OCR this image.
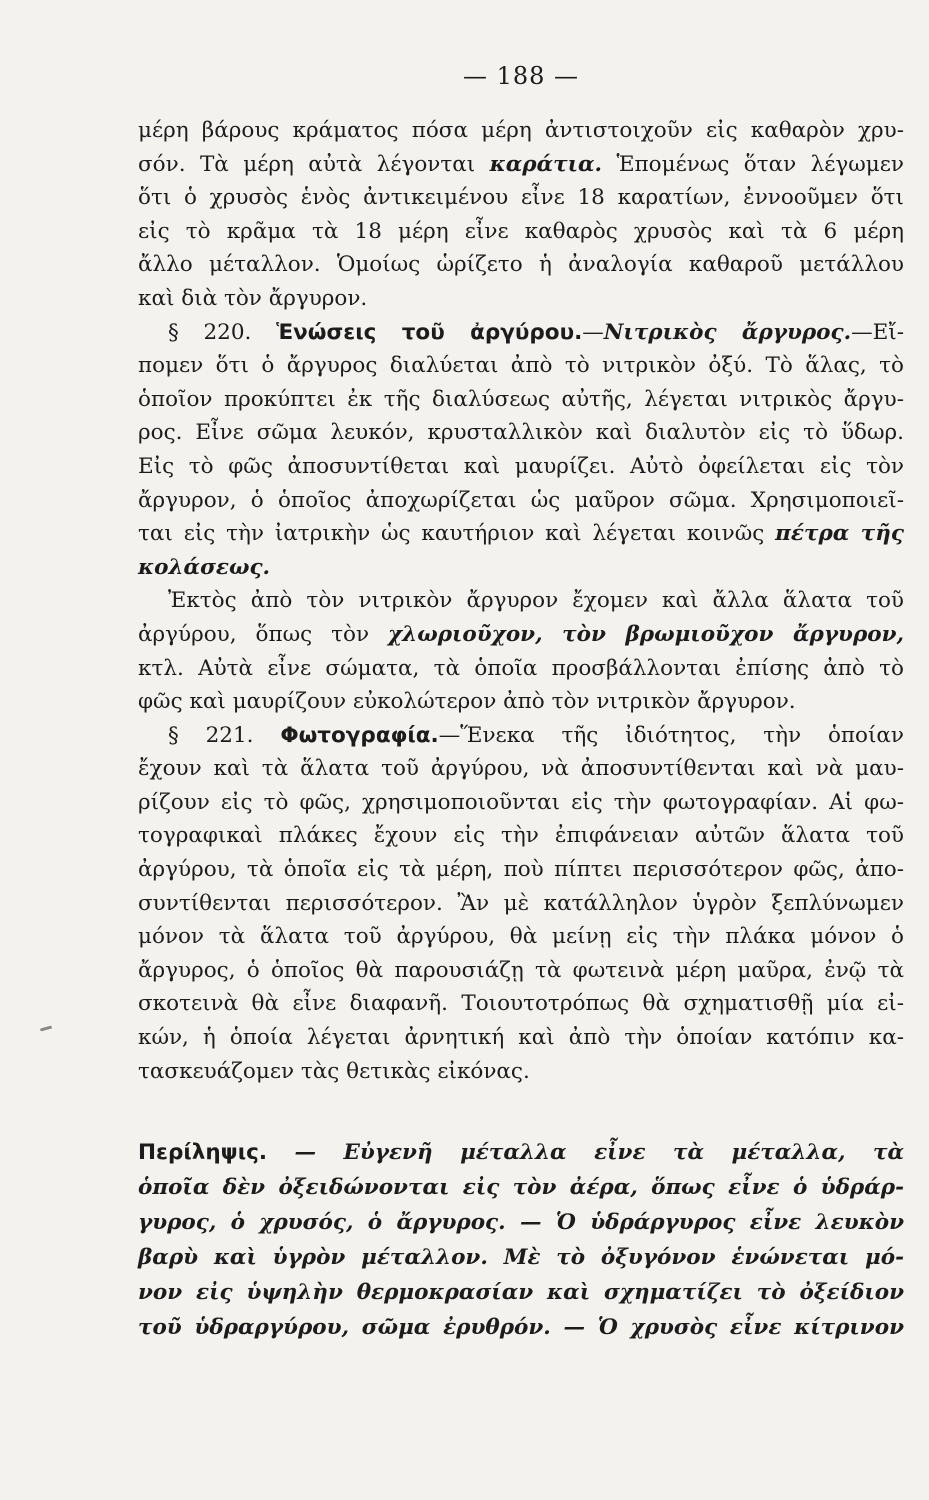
— 188 —
μέρη βάρους κράματος πόσα μέρη ἀντιστοιχοῦν εἰς καθαρὸν χρυ-
σόν. Τὰ μέρη αὐτὰ λέγονται καράτια. Ἑπομένως ὅταν λέγωμεν
ὅτι ὁ χρυσὸς ἑνὸς ἀντικειμένου εἶνε 18 καρατίων, ἐννοοῦμεν ὅτι
εἰς τὸ κρᾶμα τὰ 18 μέρη εἶνε καθαρὸς χρυσὸς καὶ τὰ 6 μέρη
ἄλλο μέταλλον. Ὁμοίως ὡρίζετο ἡ ἀναλογία καθαροῦ μετάλλου
καὶ διὰ τὸν ἄργυρον.
§ 220. Ἑνώσεις τοῦ ἀργύρου.—Νιτρικὸς ἄργυρος.—Εἴ-
πομεν ὅτι ὁ ἄργυρος διαλύεται ἀπὸ τὸ νιτρικὸν ὀξύ. Τὸ ἅλας, τὸ
ὁποῖον προκύπτει ἐκ τῆς διαλύσεως αὐτῆς, λέγεται νιτρικὸς ἄργυ-
ρος. Εἶνε σῶμα λευκόν, κρυσταλλικὸν καὶ διαλυτὸν εἰς τὸ ὕδωρ.
Εἰς τὸ φῶς ἀποσυντίθεται καὶ μαυρίζει. Αὐτὸ ὀφείλεται εἰς τὸν
ἄργυρον, ὁ ὁποῖος ἀποχωρίζεται ὡς μαῦρον σῶμα. Χρησιμοποιεῖ-
ται εἰς τὴν ἰατρικὴν ὡς καυτήριον καὶ λέγεται κοινῶς πέτρα τῆς
κολάσεως.
Ἐκτὸς ἀπὸ τὸν νιτρικὸν ἄργυρον ἔχομεν καὶ ἄλλα ἅλατα τοῦ
ἀργύρου, ὅπως τὸν χλωριοῦχον, τὸν βρωμιοῦχον ἄργυρον,
κτλ. Αὐτὰ εἶνε σώματα, τὰ ὁποῖα προσβάλλονται ἐπίσης ἀπὸ τὸ
φῶς καὶ μαυρίζουν εὐκολώτερον ἀπὸ τὸν νιτρικὸν ἄργυρον.
§ 221. Φωτογραφία.—Ἕνεκα τῆς ἰδιότητος, τὴν ὁποίαν
ἔχουν καὶ τὰ ἅλατα τοῦ ἀργύρου, νὰ ἀποσυντίθενται καὶ νὰ μαυ-
ρίζουν εἰς τὸ φῶς, χρησιμοποιοῦνται εἰς τὴν φωτογραφίαν. Αἱ φω-
τογραφικαὶ πλάκες ἔχουν εἰς τὴν ἐπιφάνειαν αὐτῶν ἅλατα τοῦ
ἀργύρου, τὰ ὁποῖα εἰς τὰ μέρη, ποὺ πίπτει περισσότερον φῶς, ἀπο-
συντίθενται περισσότερον. Ἂν μὲ κατάλληλον ὑγρὸν ξεπλύνωμεν
μόνον τὰ ἅλατα τοῦ ἀργύρου, θὰ μείνῃ εἰς τὴν πλάκα μόνον ὁ
ἄργυρος, ὁ ὁποῖος θὰ παρουσιάζῃ τὰ φωτεινὰ μέρη μαῦρα, ἐνῷ τὰ
σκοτεινὰ θὰ εἶνε διαφανῆ. Τοιουτοτρόπως θὰ σχηματισθῇ μία εἰ-
κών, ἡ ὁποία λέγεται ἀρνητική καὶ ἀπὸ τὴν ὁποίαν κατόπιν κα-
τασκευάζομεν τὰς θετικὰς εἰκόνας.
Περίληψις. — Εὐγενῆ μέταλλα εἶνε τὰ μέταλλα, τὰ
ὁποῖα δὲν ὀξειδώνονται εἰς τὸν ἀέρα, ὅπως εἶνε ὁ ὑδράρ-
γυρος, ὁ χρυσός, ὁ ἄργυρος. — Ὁ ὑδράργυρος εἶνε λευκὸν
βαρὺ καὶ ὑγρὸν μέταλλον. Μὲ τὸ ὀξυγόνον ἑνώνεται μό-
νον εἰς ὑψηλὴν θερμοκρασίαν καὶ σχηματίζει τὸ ὀξείδιον
τοῦ ὑδραργύρου, σῶμα ἐρυθρόν. — Ὁ χρυσὸς εἶνε κίτρινον
